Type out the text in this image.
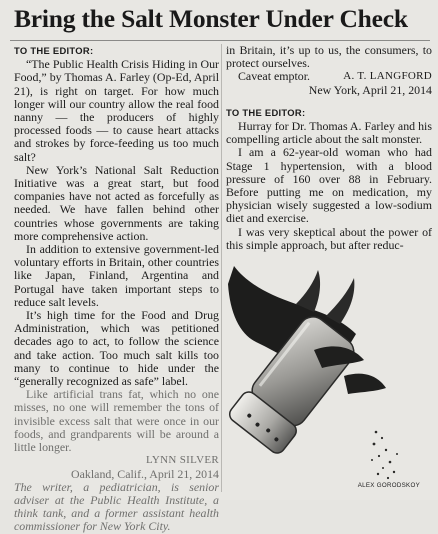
Bring the Salt Monster Under Check
TO THE EDITOR:

“The Public Health Crisis Hiding in Our Food,” by Thomas A. Farley (Op-Ed, April 21), is right on target. For how much longer will our country allow the real food nanny — the producers of highly processed foods — to cause heart attacks and strokes by force-feeding us too much salt?

New York’s National Salt Reduction Initiative was a great start, but food companies have not acted as forcefully as needed. We have fallen behind other countries whose governments are taking more comprehensive action.

In addition to extensive government-led voluntary efforts in Britain, other countries like Japan, Finland, Argentina and Portugal have taken important steps to reduce salt levels.

It’s high time for the Food and Drug Administration, which was petitioned decades ago to act, to follow the science and take action. Too much salt kills too many to continue to hide under the “generally recognized as safe” label.

Like artificial trans fat, which no one misses, no one will remember the tons of invisible excess salt that were once in our foods, and grandparents will be around a little longer.

LYNN SILVER

Oakland, Calif., April 21, 2014

The writer, a pediatrician, is senior adviser at the Public Health Institute, a think tank, and a former assistant health commissioner for New York City.

in Britain, it’s up to us, the consumers, to protect ourselves.

Caveat emptor.	A. T. LANGFORD

New York, April 21, 2014

TO THE EDITOR:

Hurray for Dr. Thomas A. Farley and his compelling article about the salt monster.

I am a 62-year-old woman who had Stage 1 hypertension, with a blood pressure of 160 over 88 in February. Before putting me on medication, my physician wisely suggested a low-sodium diet and exercise.

I was very skeptical about the power of this simple approach, but after reduc-

ALEX GORODSKOY
